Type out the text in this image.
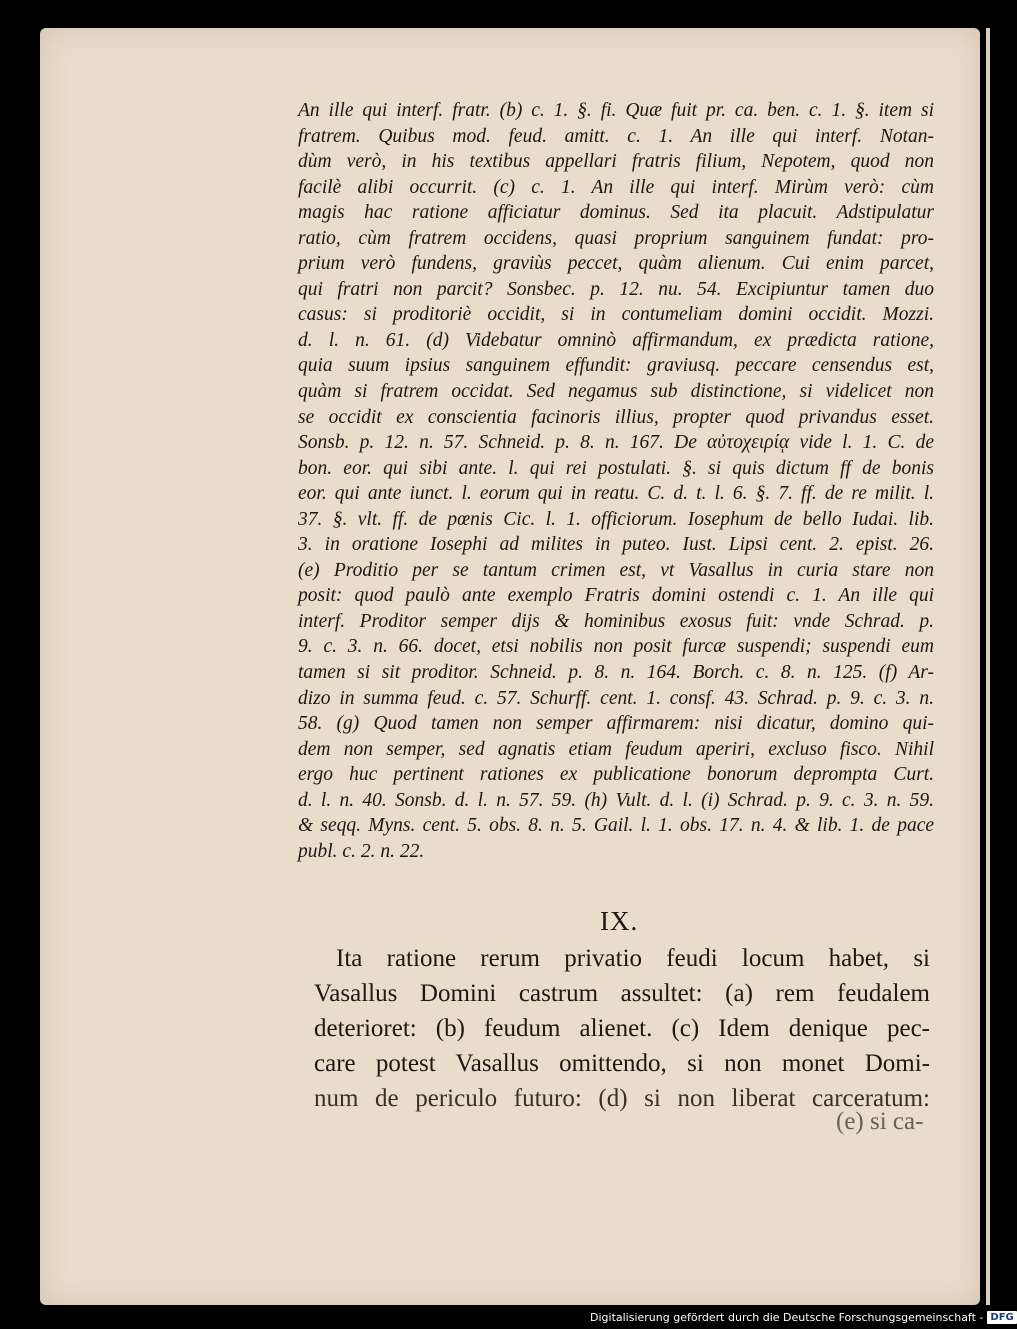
An ille qui interf. fratr. (b) c. 1. §. fi. Quæ fuit pr. ca. ben. c. 1. §. item si
fratrem. Quibus mod. feud. amitt. c. 1. An ille qui interf. Notan-
dùm verò, in his textibus appellari fratris filium, Nepotem, quod non
facilè alibi occurrit. (c) c. 1. An ille qui interf. Mirùm verò: cùm
magis hac ratione afficiatur dominus. Sed ita placuit. Adstipulatur
ratio, cùm fratrem occidens, quasi proprium sanguinem fundat: pro-
prium verò fundens, graviùs peccet, quàm alienum. Cui enim parcet,
qui fratri non parcit? Sonsbec. p. 12. nu. 54. Excipiuntur tamen duo
casus: si proditoriè occidit, si in contumeliam domini occidit. Mozzi.
d. l. n. 61. (d) Videbatur omninò affirmandum, ex prædicta ratione,
quia suum ipsius sanguinem effundit: graviusq. peccare censendus est,
quàm si fratrem occidat. Sed negamus sub distinctione, si videlicet non
se occidit ex conscientia facinoris illius, propter quod privandus esset.
Sonsb. p. 12. n. 57. Schneid. p. 8. n. 167. De αὐτοχειρίᾳ vide l. 1. C. de
bon. eor. qui sibi ante. l. qui rei postulati. §. si quis dictum ff de bonis
eor. qui ante iunct. l. eorum qui in reatu. C. d. t. l. 6. §. 7. ff. de re milit. l.
37. §. vlt. ff. de pœnis Cic. l. 1. officiorum. Iosephum de bello Iudai. lib.
3. in oratione Iosephi ad milites in puteo. Iust. Lipsi cent. 2. epist. 26.
(e) Proditio per se tantum crimen est, vt Vasallus in curia stare non
posit: quod paulò ante exemplo Fratris domini ostendi c. 1. An ille qui
interf. Proditor semper dijs & hominibus exosus fuit: vnde Schrad. p.
9. c. 3. n. 66. docet, etsi nobilis non posit furcæ suspendi; suspendi eum
tamen si sit proditor. Schneid. p. 8. n. 164. Borch. c. 8. n. 125. (f) Ar-
dizo in summa feud. c. 57. Schurff. cent. 1. consf. 43. Schrad. p. 9. c. 3. n.
58. (g) Quod tamen non semper affirmarem: nisi dicatur, domino qui-
dem non semper, sed agnatis etiam feudum aperiri, excluso fisco. Nihil
ergo huc pertinent rationes ex publicatione bonorum deprompta Curt.
d. l. n. 40. Sonsb. d. l. n. 57. 59. (h) Vult. d. l. (i) Schrad. p. 9. c. 3. n. 59.
& seqq. Myns. cent. 5. obs. 8. n. 5. Gail. l. 1. obs. 17. n. 4. & lib. 1. de pace
publ. c. 2. n. 22.
IX.
Ita ratione rerum privatio feudi locum habet, si
Vasallus Domini castrum assultet: (a) rem feudalem
deterioret: (b) feudum alienet. (c) Idem denique pec-
care potest Vasallus omittendo, si non monet Domi-
num de periculo futuro: (d) si non liberat carceratum:
(e) si ca-
Digitalisierung gefördert durch die Deutsche Forschungsgemeinschaft - DFG
